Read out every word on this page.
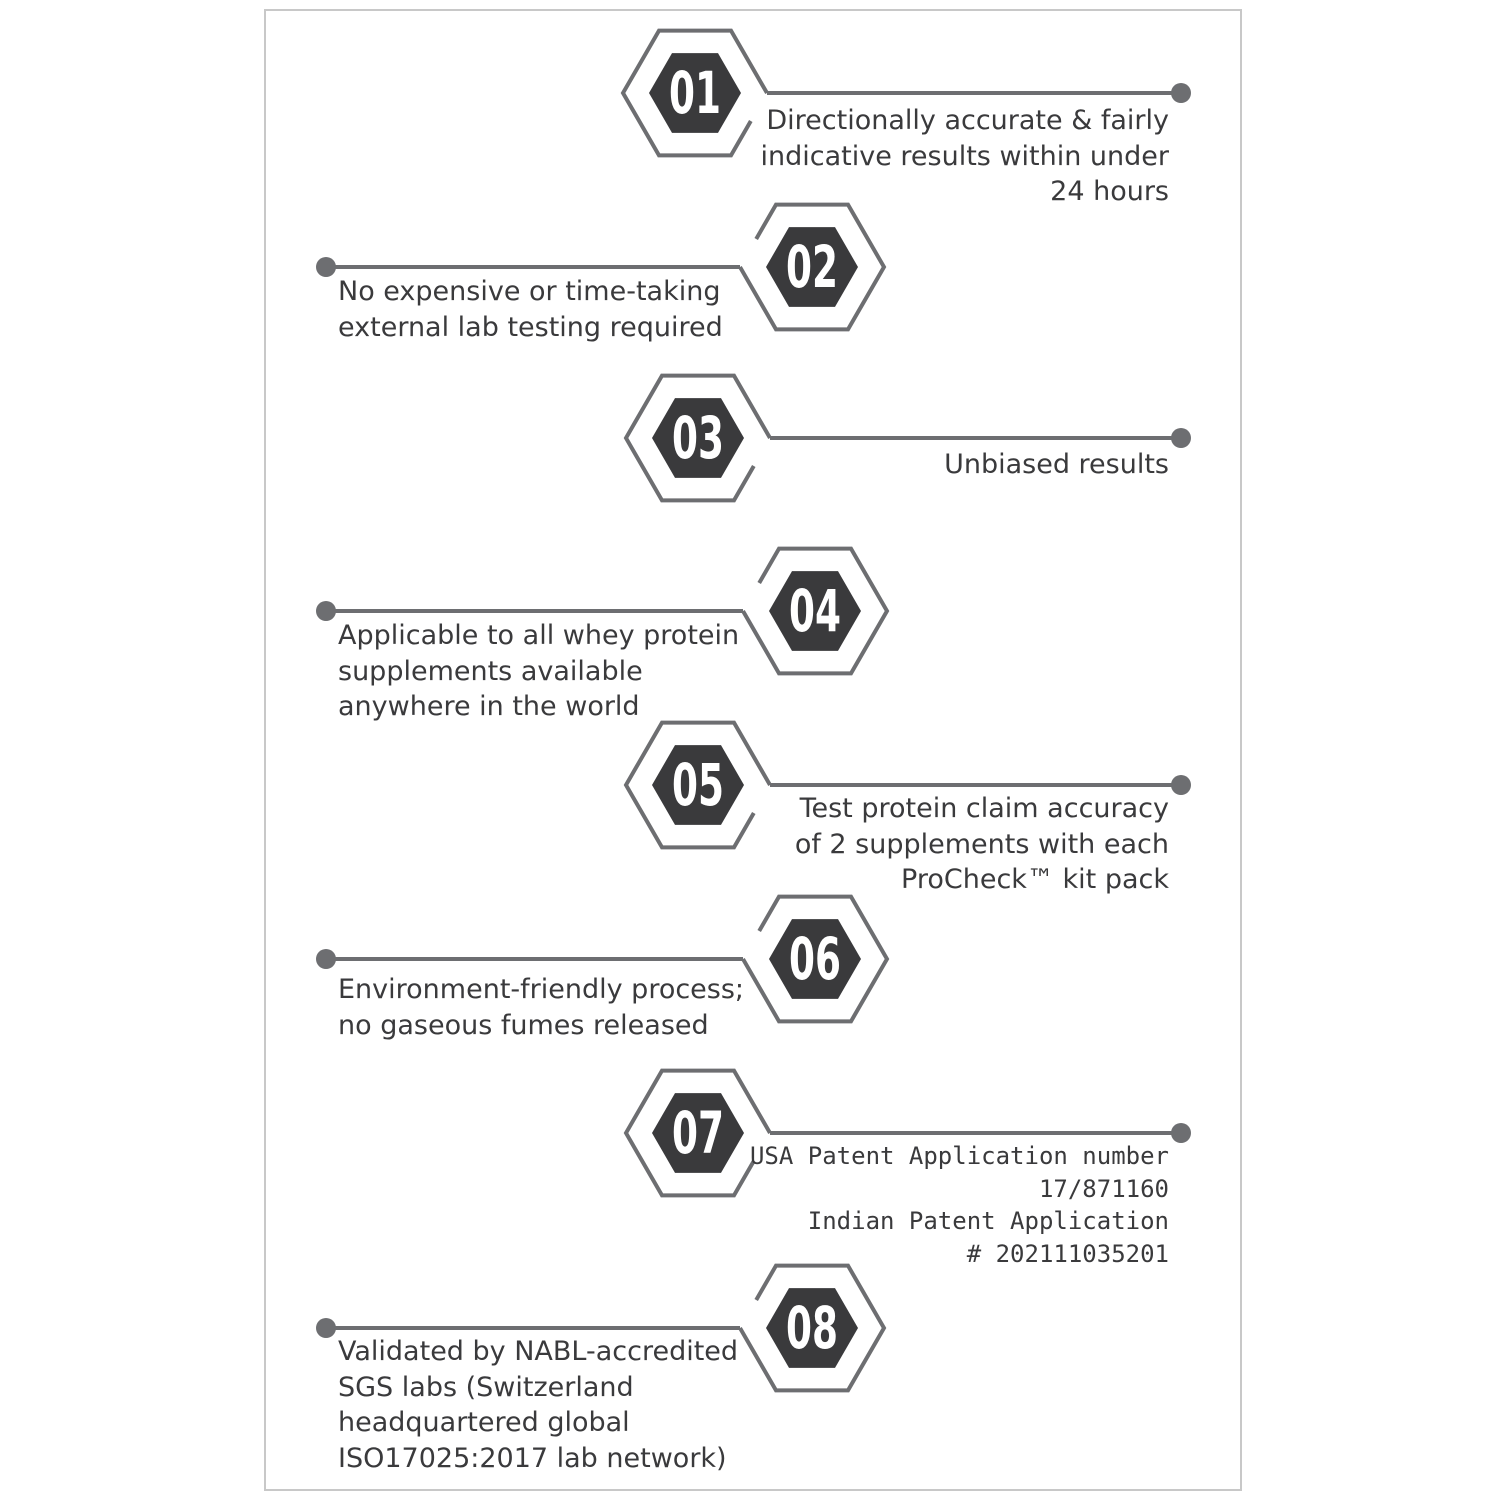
01
02
03
04
05
06
07
08
Directionally accurate & fairly
indicative results within under
24 hours
No expensive or time-taking
external lab testing required
Unbiased results
Applicable to all whey protein
supplements available
anywhere in the world
Test protein claim accuracy
of 2 supplements with each
ProCheck™ kit pack
Environment-friendly process;
no gaseous fumes released
USA Patent Application number
17/871160
Indian Patent Application
# 202111035201
Validated by NABL-accredited
SGS labs (Switzerland
headquartered global
ISO17025:2017 lab network)
